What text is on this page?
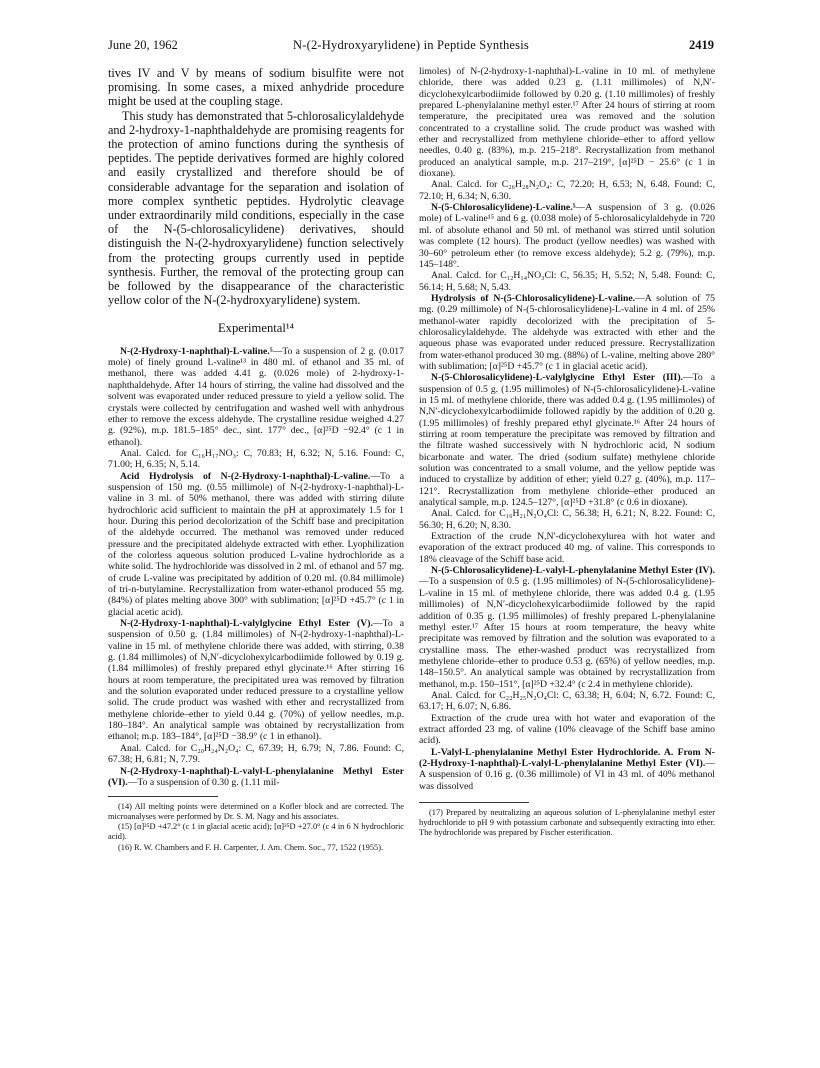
June 20, 1962	N-(2-Hydroxyarylidene) in Peptide Synthesis	2419

tives IV and V by means of sodium bisulfite were not promising. In some cases, a mixed anhydride procedure might be used at the coupling stage.

This study has demonstrated that 5-chlorosalicylaldehyde and 2-hydroxy-1-naphthaldehyde are promising reagents for the protection of amino functions during the synthesis of peptides. The peptide derivatives formed are highly colored and easily crystallized and therefore should be of considerable advantage for the separation and isolation of more complex synthetic peptides. Hydrolytic cleavage under extraordinarily mild conditions, especially in the case of the N-(5-chlorosalicylidene) derivatives, should distinguish the N-(2-hydroxyarylidene) function selectively from the protecting groups currently used in peptide synthesis. Further, the removal of the protecting group can be followed by the disappearance of the characteristic yellow color of the N-(2-hydroxyarylidene) system.

Experimental¹⁴

N-(2-Hydroxy-1-naphthal)-L-valine.⁵—To a suspension of 2 g. (0.017 mole) of finely ground L-valine¹³ in 480 ml. of ethanol and 35 ml. of methanol, there was added 4.41 g. (0.026 mole) of 2-hydroxy-1-naphthaldehyde. After 14 hours of stirring, the valine had dissolved and the solvent was evaporated under reduced pressure to yield a yellow solid. The crystals were collected by centrifugation and washed well with anhydrous ether to remove the excess aldehyde. The crystalline residue weighed 4.27 g. (92%), m.p. 181.5–185° dec., sint. 177° dec., [α]²⁵D −92.4° (c 1 in ethanol).

Anal. Calcd. for C₁₆H₁₇NO₃: C, 70.83; H, 6.32; N, 5.16. Found: C, 71.00; H, 6.35; N, 5.14.

Acid Hydrolysis of N-(2-Hydroxy-1-naphthal)-L-valine.—To a suspension of 150 mg. (0.55 millimole) of N-(2-hydroxy-1-naphthal)-L-valine in 3 ml. of 50% methanol, there was added with stirring dilute hydrochloric acid sufficient to maintain the pH at approximately 1.5 for 1 hour. During this period decolorization of the Schiff base and precipitation of the aldehyde occurred. The methanol was removed under reduced pressure and the precipitated aldehyde extracted with ether. Lyophilization of the colorless aqueous solution produced L-valine hydrochloride as a white solid. The hydrochloride was dissolved in 2 ml. of ethanol and 57 mg. of crude L-valine was precipitated by addition of 0.20 ml. (0.84 millimole) of tri-n-butylamine. Recrystallization from water-ethanol produced 55 mg. (84%) of plates melting above 300° with sublimation; [α]²⁵D +45.7° (c 1 in glacial acetic acid).

N-(2-Hydroxy-1-naphthal)-L-valylglycine Ethyl Ester (V).—To a suspension of 0.50 g. (1.84 millimoles) of N-(2-hydroxy-1-naphthal)-L-valine in 15 ml. of methylene chloride there was added, with stirring, 0.38 g. (1.84 millimoles) of N,N′-dicyclohexylcarbodiimide followed by 0.19 g. (1.84 millimoles) of freshly prepared ethyl glycinate.¹⁶ After stirring 16 hours at room temperature, the precipitated urea was removed by filtration and the solution evaporated under reduced pressure to a crystalline yellow solid. The crude product was washed with ether and recrystallized from methylene chloride–ether to yield 0.44 g. (70%) of yellow needles, m.p. 180–184°. An analytical sample was obtained by recrystallization from ethanol; m.p. 183–184°, [α]²⁵D −38.9° (c 1 in ethanol).

Anal. Calcd. for C₂₀H₂₄N₂O₄: C, 67.39; H, 6.79; N, 7.86. Found: C, 67.38; H, 6.81; N, 7.79.

N-(2-Hydroxy-1-naphthal)-L-valyl-L-phenylalanine Methyl Ester (VI).—To a suspension of 0.30 g. (1.11 mil-

(14) All melting points were determined on a Kofler block and are corrected. The microanalyses were performed by Dr. S. M. Nagy and his associates.

(15) [α]²⁵D +47.2° (c 1 in glacial acetic acid); [α]²⁵D +27.0° (c 4 in 6 N hydrochloric acid).

(16) R. W. Chambers and F. H. Carpenter, J. Am. Chem. Soc., 77, 1522 (1955).

limoles) of N-(2-hydroxy-1-naphthal)-L-valine in 10 ml. of methylene chloride, there was added 0.23 g. (1.11 millimoles) of N,N′-dicyclohexylcarbodiimide followed by 0.20 g. (1.10 millimoles) of freshly prepared L-phenylalanine methyl ester.¹⁷ After 24 hours of stirring at room temperature, the precipitated urea was removed and the solution concentrated to a crystalline solid. The crude product was washed with ether and recrystallized from methylene chloride–ether to afford yellow needles, 0.40 g. (83%), m.p. 215–218°. Recrystallization from methanol produced an analytical sample, m.p. 217–219°, [α]²⁵D − 25.6° (c 1 in dioxane).

Anal. Calcd. for C₂₆H₂₈N₂O₄: C, 72.20; H, 6.53; N, 6.48. Found: C, 72.10; H, 6.34; N, 6.30.

N-(5-Chlorosalicylidene)-L-valine.⁵—A suspension of 3 g. (0.026 mole) of L-valine¹⁵ and 6 g. (0.038 mole) of 5-chlorosalicylaldehyde in 720 ml. of absolute ethanol and 50 ml. of methanol was stirred until solution was complete (12 hours). The product (yellow needles) was washed with 30–60° petroleum ether (to remove excess aldehyde); 5.2 g. (79%), m.p. 145–148°.

Anal. Calcd. for C₁₂H₁₄NO₃Cl: C, 56.35; H, 5.52; N, 5.48. Found: C, 56.14; H, 5.68; N, 5.43.

Hydrolysis of N-(5-Chlorosalicylidene)-L-valine.—A solution of 75 mg. (0.29 millimole) of N-(5-chlorosalicylidene)-L-valine in 4 ml. of 25% methanol-water rapidly decolorized with the precipitation of 5-chlorosalicylaldehyde. The aldehyde was extracted with ether and the aqueous phase was evaporated under reduced pressure. Recrystallization from water-ethanol produced 30 mg. (88%) of L-valine, melting above 280° with sublimation; [α]²⁵D +45.7° (c 1 in glacial acetic acid).

N-(5-Chlorosalicylidene)-L-valylglycine Ethyl Ester (III).—To a suspension of 0.5 g. (1.95 millimoles) of N-(5-chlorosalicylidene)-L-valine in 15 ml. of methylene chloride, there was added 0.4 g. (1.95 millimoles) of N,N′-dicyclohexylcarbodiimide followed rapidly by the addition of 0.20 g. (1.95 millimoles) of freshly prepared ethyl glycinate.¹⁶ After 24 hours of stirring at room temperature the precipitate was removed by filtration and the filtrate washed successively with N hydrochloric acid, N sodium bicarbonate and water. The dried (sodium sulfate) methylene chloride solution was concentrated to a small volume, and the yellow peptide was induced to crystallize by addition of ether; yield 0.27 g. (40%), m.p. 117–121°. Recrystallization from methylene chloride–ether produced an analytical sample, m.p. 124.5–127°, [α]²⁵D +31.8° (c 0.6 in dioxane).

Anal. Calcd. for C₁₆H₂₁N₂O₄Cl: C, 56.38; H, 6.21; N, 8.22. Found: C, 56.30; H, 6.20; N, 8.30.

Extraction of the crude N,N′-dicyclohexylurea with hot water and evaporation of the extract produced 40 mg. of valine. This corresponds to 18% cleavage of the Schiff base acid.

N-(5-Chlorosalicylidene)-L-valyl-L-phenylalanine Methyl Ester (IV).—To a suspension of 0.5 g. (1.95 millimoles) of N-(5-chlorosalicylidene)-L-valine in 15 ml. of methylene chloride, there was added 0.4 g. (1.95 millimoles) of N,N′-dicyclohexylcarbodiimide followed by the rapid addition of 0.35 g. (1.95 millimoles) of freshly prepared L-phenylalanine methyl ester.¹⁷ After 15 hours at room temperature, the heavy white precipitate was removed by filtration and the solution was evaporated to a crystalline mass. The ether-washed product was recrystallized from methylene chloride–ether to produce 0.53 g. (65%) of yellow needles, m.p. 148–150.5°. An analytical sample was obtained by recrystallization from methanol, m.p. 150–151°, [α]²⁵D +32.4° (c 2.4 in methylene chloride).

Anal. Calcd. for C₂₂H₂₅N₂O₄Cl: C, 63.38; H, 6.04; N, 6.72. Found: C, 63.17; H, 6.07; N, 6.86.

Extraction of the crude urea with hot water and evaporation of the extract afforded 23 mg. of valine (10% cleavage of the Schiff base amino acid).

L-Valyl-L-phenylalanine Methyl Ester Hydrochloride. A. From N-(2-Hydroxy-1-naphthal)-L-valyl-L-phenylalanine Methyl Ester (VI).—A suspension of 0.16 g. (0.36 millimole) of VI in 43 ml. of 40% methanol was dissolved

(17) Prepared by neutralizing an aqueous solution of L-phenylalanine methyl ester hydrochloride to pH 9 with potassium carbonate and subsequently extracting into ether. The hydrochloride was prepared by Fischer esterification.
